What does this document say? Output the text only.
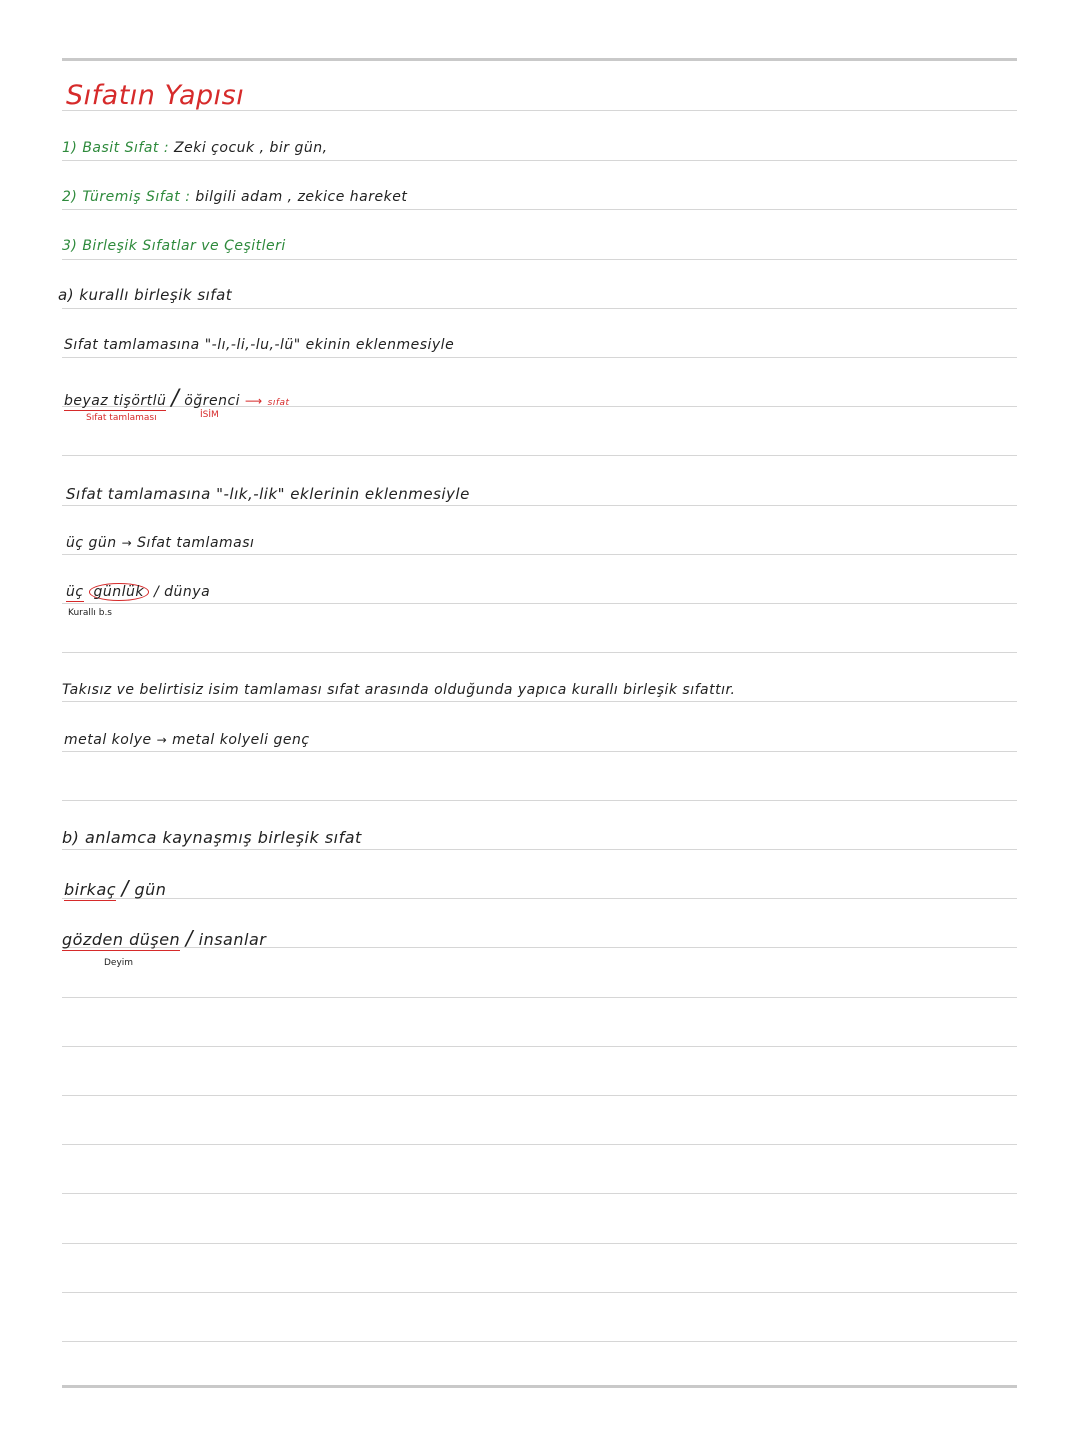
Sıfatın Yapısı
1) Basit Sıfat : Zeki çocuk , bir gün,
2) Türemiş Sıfat : bilgili adam , zekice hareket
3) Birleşik Sıfatlar ve Çeşitleri
a) kurallı birleşik sıfat
Sıfat tamlamasına "-lı,-li,-lu,-lü" ekinin eklenmesiyle
beyaz tişörtlü / öğrenci ⟶ sıfat
Sıfat tamlaması	İSİM
Sıfat tamlamasına "-lık,-lik" eklerinin eklenmesiyle
üç gün → Sıfat tamlaması
üç günlük / dünya
Kurallı b.s
Takısız ve belirtisiz isim tamlaması sıfat arasında olduğunda yapıca kurallı birleşik sıfattır.
metal kolye → metal kolyeli genç
b) anlamca kaynaşmış birleşik sıfat
birkaç / gün
gözden düşen / insanlar
Deyim
